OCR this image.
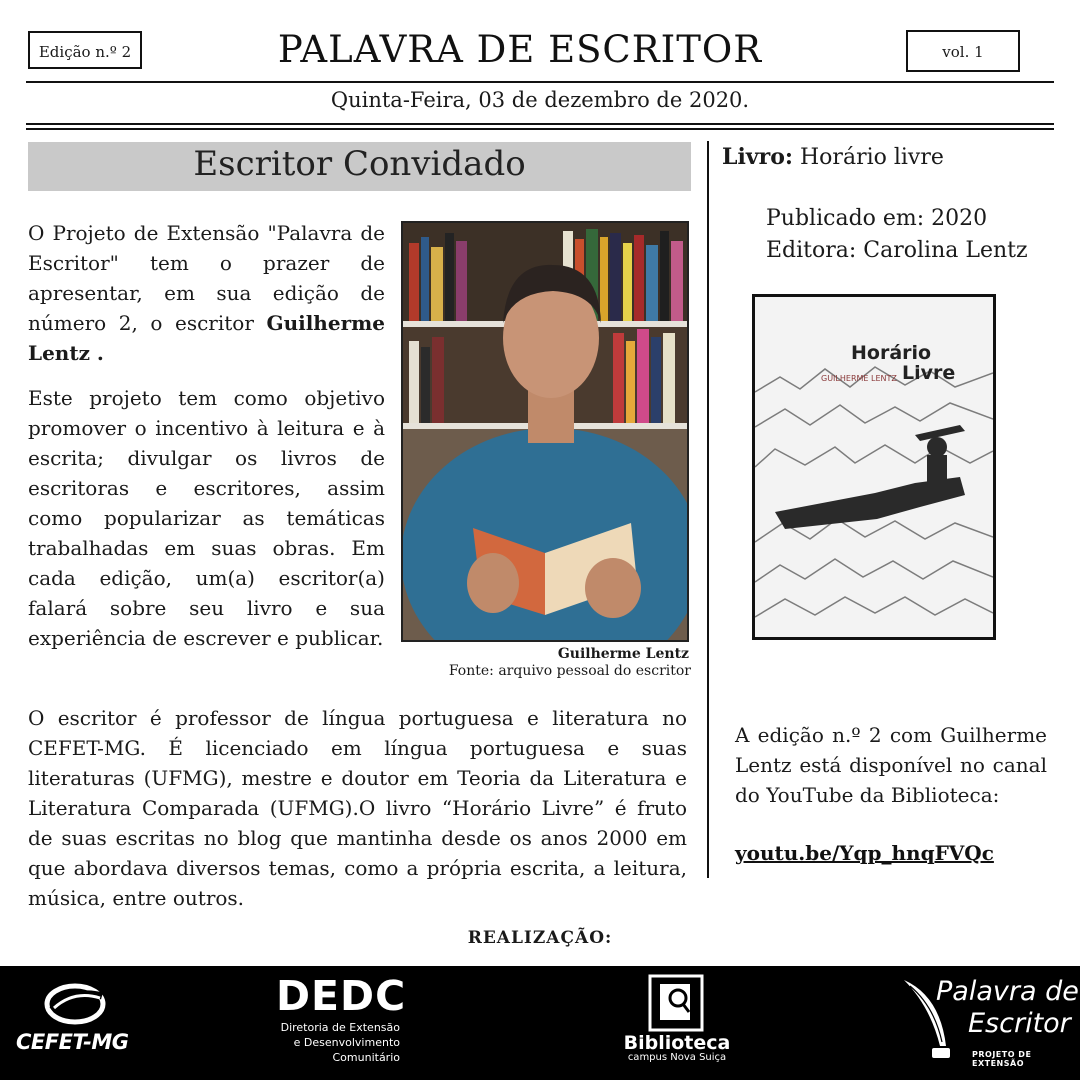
Edição n.º 2	PALAVRA DE ESCRITOR	vol. 1
Quinta-Feira, 03 de dezembro de 2020.
Escritor Convidado
O Projeto de Extensão "Palavra de Escritor" tem o prazer de apresentar, em sua edição de número 2, o escritor Guilherme Lentz .
Este projeto tem como objetivo promover o incentivo à leitura e à escrita; divulgar os livros de escritoras e escritores, assim como popularizar as temáticas trabalhadas em suas obras. Em cada edição, um(a) escritor(a) falará sobre seu livro e sua experiência de escrever e publicar.
Guilherme Lentz
Fonte: arquivo pessoal do escritor
O escritor é professor de língua portuguesa e literatura no CEFET-MG. É licenciado em língua portuguesa e suas literaturas (UFMG), mestre e doutor em Teoria da Literatura e Literatura Comparada (UFMG).O livro “Horário Livre” é fruto de suas escritas no blog que mantinha desde os anos 2000 em que abordava diversos temas, como a própria escrita, a leitura, música, entre outros.
Livro: Horário livre
Publicado em: 2020
Editora: Carolina Lentz
Horário
GUILHERME LENTZ Livre
A edição n.º 2 com Guilherme Lentz está disponível no canal do YouTube da Biblioteca:
youtu.be/Yqp_hnqFVQc
REALIZAÇÃO:
CEFET-MG
DEDC
Diretoria de Extensão
e Desenvolvimento
Comunitário
Biblioteca
campus Nova Suiça
Palavra de
Escritor
PROJETO DE EXTENSÃO
